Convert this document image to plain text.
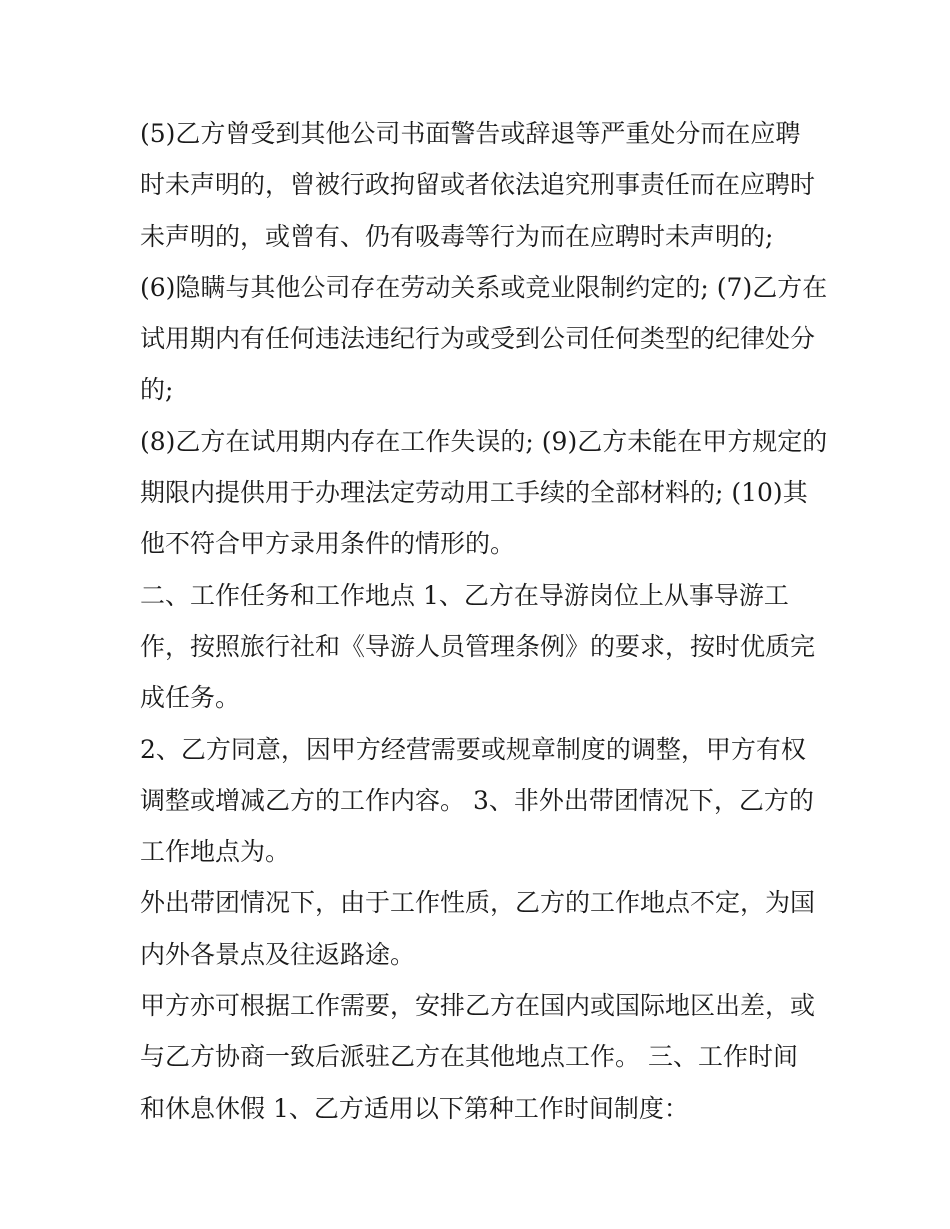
(5)乙方曾受到其他公司书面警告或辞退等严重处分而在应聘
时未声明的，曾被行政拘留或者依法追究刑事责任而在应聘时
未声明的，或曾有、仍有吸毒等行为而在应聘时未声明的;
(6)隐瞒与其他公司存在劳动关系或竞业限制约定的; (7)乙方在
试用期内有任何违法违纪行为或受到公司任何类型的纪律处分
的;
(8)乙方在试用期内存在工作失误的; (9)乙方未能在甲方规定的
期限内提供用于办理法定劳动用工手续的全部材料的; (10)其
他不符合甲方录用条件的情形的。
二、工作任务和工作地点 1、乙方在导游岗位上从事导游工
作，按照旅行社和《导游人员管理条例》的要求，按时优质完
成任务。
2、乙方同意，因甲方经营需要或规章制度的调整，甲方有权
调整或增减乙方的工作内容。 3、非外出带团情况下，乙方的
工作地点为。
外出带团情况下，由于工作性质，乙方的工作地点不定，为国
内外各景点及往返路途。
甲方亦可根据工作需要，安排乙方在国内或国际地区出差，或
与乙方协商一致后派驻乙方在其他地点工作。 三、工作时间
和休息休假 1、乙方适用以下第种工作时间制度：
